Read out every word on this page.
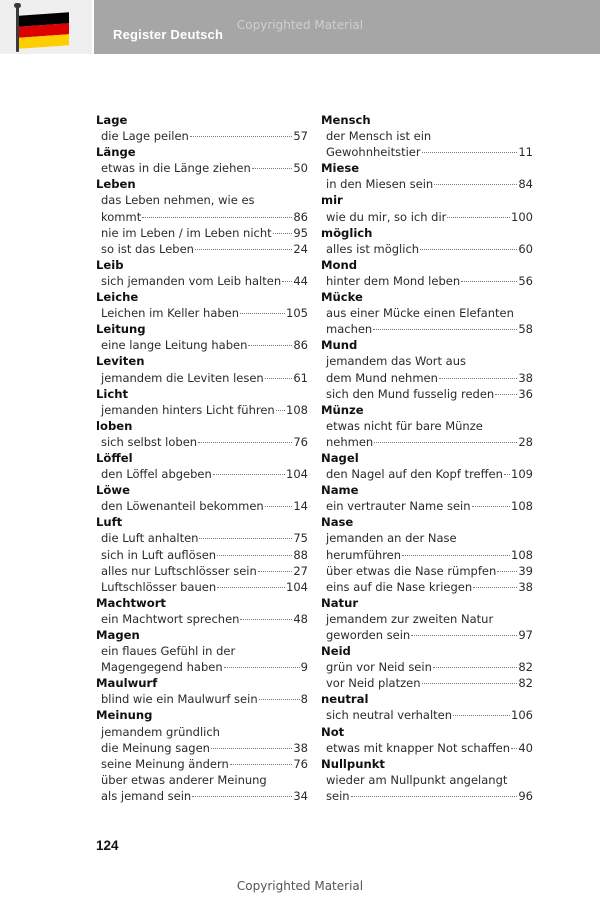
Register Deutsch
Copyrighted Material
Lage
die Lage peilen	57
Länge
etwas in die Länge ziehen	50
Leben
das Leben nehmen, wie es
kommt	86
nie im Leben / im Leben nicht 95
so ist das Leben	24
Leib
sich jemanden vom Leib halten 44
Leiche
Leichen im Keller haben	105
Leitung
eine lange Leitung haben	86
Leviten
jemandem die Leviten lesen	61
Licht
jemanden hinters Licht führen 108
loben
sich selbst loben	76
Löffel
den Löffel abgeben	104
Löwe
den Löwenanteil bekommen	14
Luft
die Luft anhalten	75
sich in Luft auflösen	88
alles nur Luftschlösser sein	27
Luftschlösser bauen	104
Machtwort
ein Machtwort sprechen	48
Magen
ein flaues Gefühl in der
Magengegend haben	9
Maulwurf
blind wie ein Maulwurf sein	8
Meinung
jemandem gründlich
die Meinung sagen	38
seine Meinung ändern	76
über etwas anderer Meinung
als jemand sein	34
Mensch
der Mensch ist ein
Gewohnheitstier	11
Miese
in den Miesen sein	84
mir
wie du mir, so ich dir	100
möglich
alles ist möglich	60
Mond
hinter dem Mond leben	56
Mücke
aus einer Mücke einen Elefanten
machen	58
Mund
jemandem das Wort aus
dem Mund nehmen	38
sich den Mund fusselig reden 36
Münze
etwas nicht für bare Münze
nehmen	28
Nagel
den Nagel auf den Kopf treffen 109
Name
ein vertrauter Name sein	108
Nase
jemanden an der Nase
herumführen	108
über etwas die Nase rümpfen 39
eins auf die Nase kriegen	38
Natur
jemandem zur zweiten Natur
geworden sein	97
Neid
grün vor Neid sein	82
vor Neid platzen	82
neutral
sich neutral verhalten	106
Not
etwas mit knapper Not schaffen 40
Nullpunkt
wieder am Nullpunkt angelangt
sein	96
124
Copyrighted Material
